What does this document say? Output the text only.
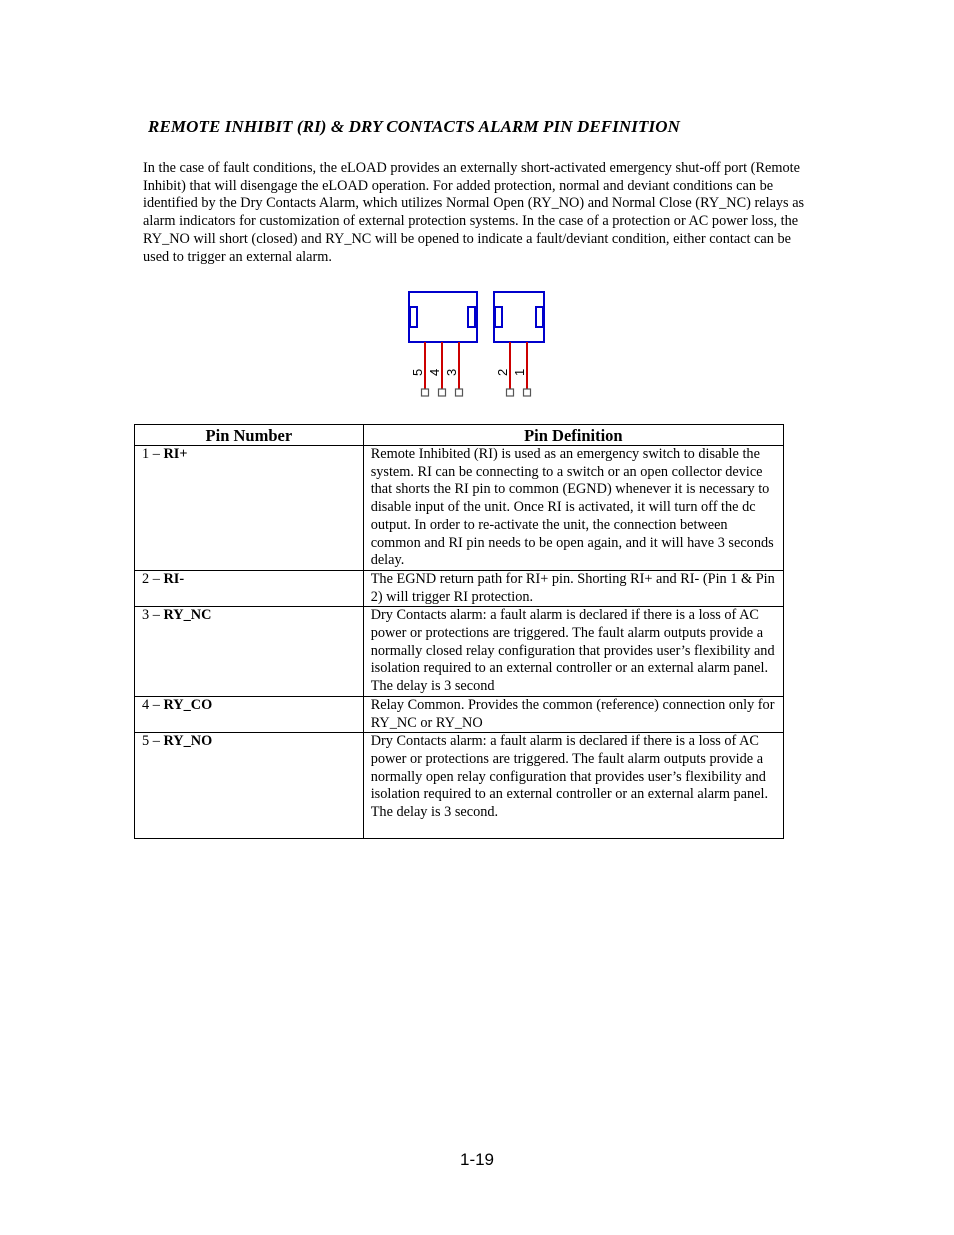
REMOTE INHIBIT (RI) & DRY CONTACTS ALARM PIN DEFINITION

In the case of fault conditions, the eLOAD provides an externally short-activated emergency shut-off port (Remote Inhibit) that will disengage the eLOAD operation. For added protection, normal and deviant conditions can be identified by the Dry Contacts Alarm, which utilizes Normal Open (RY_NO) and Normal Close (RY_NC) relays as alarm indicators for customization of external protection systems. In the case of a protection or AC power loss, the RY_NO will short (closed) and RY_NC will be opened to indicate a fault/deviant condition, either contact can be used to trigger an external alarm.

5 4 3	2 1
Pin Number	Pin Definition
1 – RI+	Remote Inhibited (RI) is used as an emergency switch to disable the system. RI can be connecting to a switch or an open collector device that shorts the RI pin to common (EGND) whenever it is necessary to disable input of the unit. Once RI is activated, it will turn off the dc output. In order to re-activate the unit, the connection between common and RI pin needs to be open again, and it will have 3 seconds delay.
2 – RI-	The EGND return path for RI+ pin. Shorting RI+ and RI- (Pin 1 & Pin 2) will trigger RI protection.
3 – RY_NC	Dry Contacts alarm: a fault alarm is declared if there is a loss of AC power or protections are triggered. The fault alarm outputs provide a normally closed relay configuration that provides user’s flexibility and isolation required to an external controller or an external alarm panel. The delay is 3 second
4 – RY_CO	Relay Common. Provides the common (reference) connection only for RY_NC or RY_NO
5 – RY_NO	Dry Contacts alarm: a fault alarm is declared if there is a loss of AC power or protections are triggered. The fault alarm outputs provide a normally open relay configuration that provides user’s flexibility and isolation required to an external controller or an external alarm panel. The delay is 3 second.
1-19
